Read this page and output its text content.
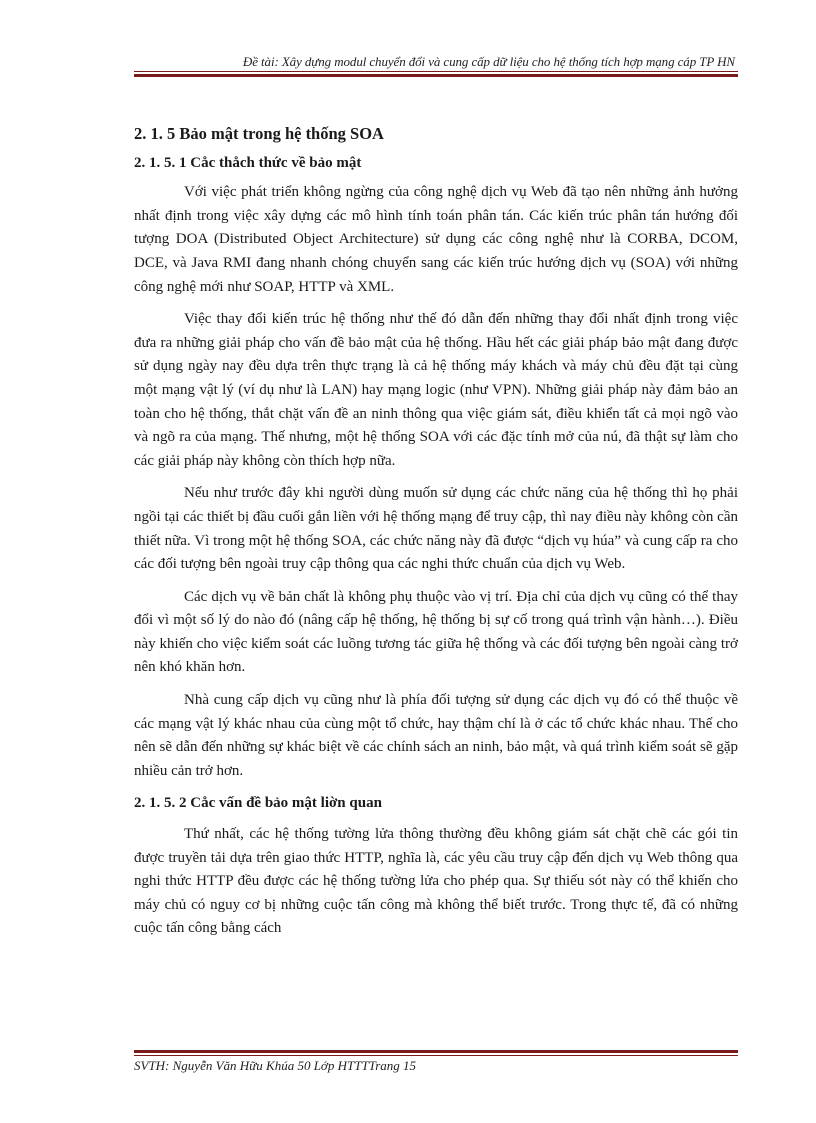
Đề tài: Xây dựng modul chuyển đổi và cung cấp dữ liệu cho hệ thống tích hợp mạng cáp TP HN
2. 1. 5 Bảo mật trong hệ thống SOA
2. 1. 5. 1 Cåc thåch thức về bảo mật

Với việc phát triển không ngừng của công nghệ dịch vụ Web đã tạo nên những ảnh hưởng nhất định trong việc xây dựng các mô hình tính toán phân tán. Các kiến trúc phân tán hướng đối tượng DOA (Distributed Object Architecture) sử dụng các công nghệ như là CORBA, DCOM, DCE, và Java RMI đang nhanh chóng chuyển sang các kiến trúc hướng dịch vụ (SOA) với những công nghệ mới như SOAP, HTTP và XML.

Việc thay đổi kiến trúc hệ thống như thế đó dẫn đến những thay đổi nhất định trong việc đưa ra những giải pháp cho vấn đề bảo mật của hệ thống. Hầu hết các giải pháp bảo mật đang được sử dụng ngày nay đều dựa trên thực trạng là cả hệ thống máy khách và máy chủ đều đặt tại cùng một mạng vật lý (ví dụ như là LAN) hay mạng logic (như VPN). Những giải pháp này đảm bảo an toàn cho hệ thống, thắt chặt vấn đề an ninh thông qua việc giám sát, điều khiển tất cả mọi ngõ vào và ngõ ra của mạng. Thế nhưng, một hệ thống SOA với các đặc tính mở của nú, đã thật sự làm cho các giải pháp này không còn thích hợp nữa.

Nếu như trước đây khi người dùng muốn sử dụng các chức năng của hệ thống thì họ phải ngồi tại các thiết bị đầu cuối gắn liền với hệ thống mạng để truy cập, thì nay điều này không còn cần thiết nữa. Vì trong một hệ thống SOA, các chức năng này đã được “dịch vụ húa” và cung cấp ra cho các đối tượng bên ngoài truy cập thông qua các nghi thức chuẩn của dịch vụ Web.

Các dịch vụ về bản chất là không phụ thuộc vào vị trí. Địa chỉ của dịch vụ cũng có thể thay đổi vì một số lý do nào đó (nâng cấp hệ thống, hệ thống bị sự cố trong quá trình vận hành…). Điều này khiến cho việc kiểm soát các luồng tương tác giữa hệ thống và các đối tượng bên ngoài càng trở nên khó khăn hơn.

Nhà cung cấp dịch vụ cũng như là phía đối tượng sử dụng các dịch vụ đó có thể thuộc về các mạng vật lý khác nhau của cùng một tổ chức, hay thậm chí là ở các tổ chức khác nhau. Thế cho nên sẽ dẫn đến những sự khác biệt về các chính sách an ninh, bảo mật, và quá trình kiểm soát sẽ gặp nhiều cản trở hơn.

2. 1. 5. 2 Cåc vấn đề bảo mật liờn quan

Thứ nhất, các hệ thống tường lửa thông thường đều không giám sát chặt chẽ các gói tin được truyền tải dựa trên giao thức HTTP, nghĩa là, các yêu cầu truy cập đến dịch vụ Web thông qua nghi thức HTTP đều được các hệ thống tường lửa cho phép qua. Sự thiếu sót này có thể khiến cho máy chủ có nguy cơ bị những cuộc tấn công mà không thể biết trước. Trong thực tế, đã có những cuộc tấn công bằng cách

SVTH: Nguyễn Văn Hữu Khúa 50 Lớp HTTTTrang 15
